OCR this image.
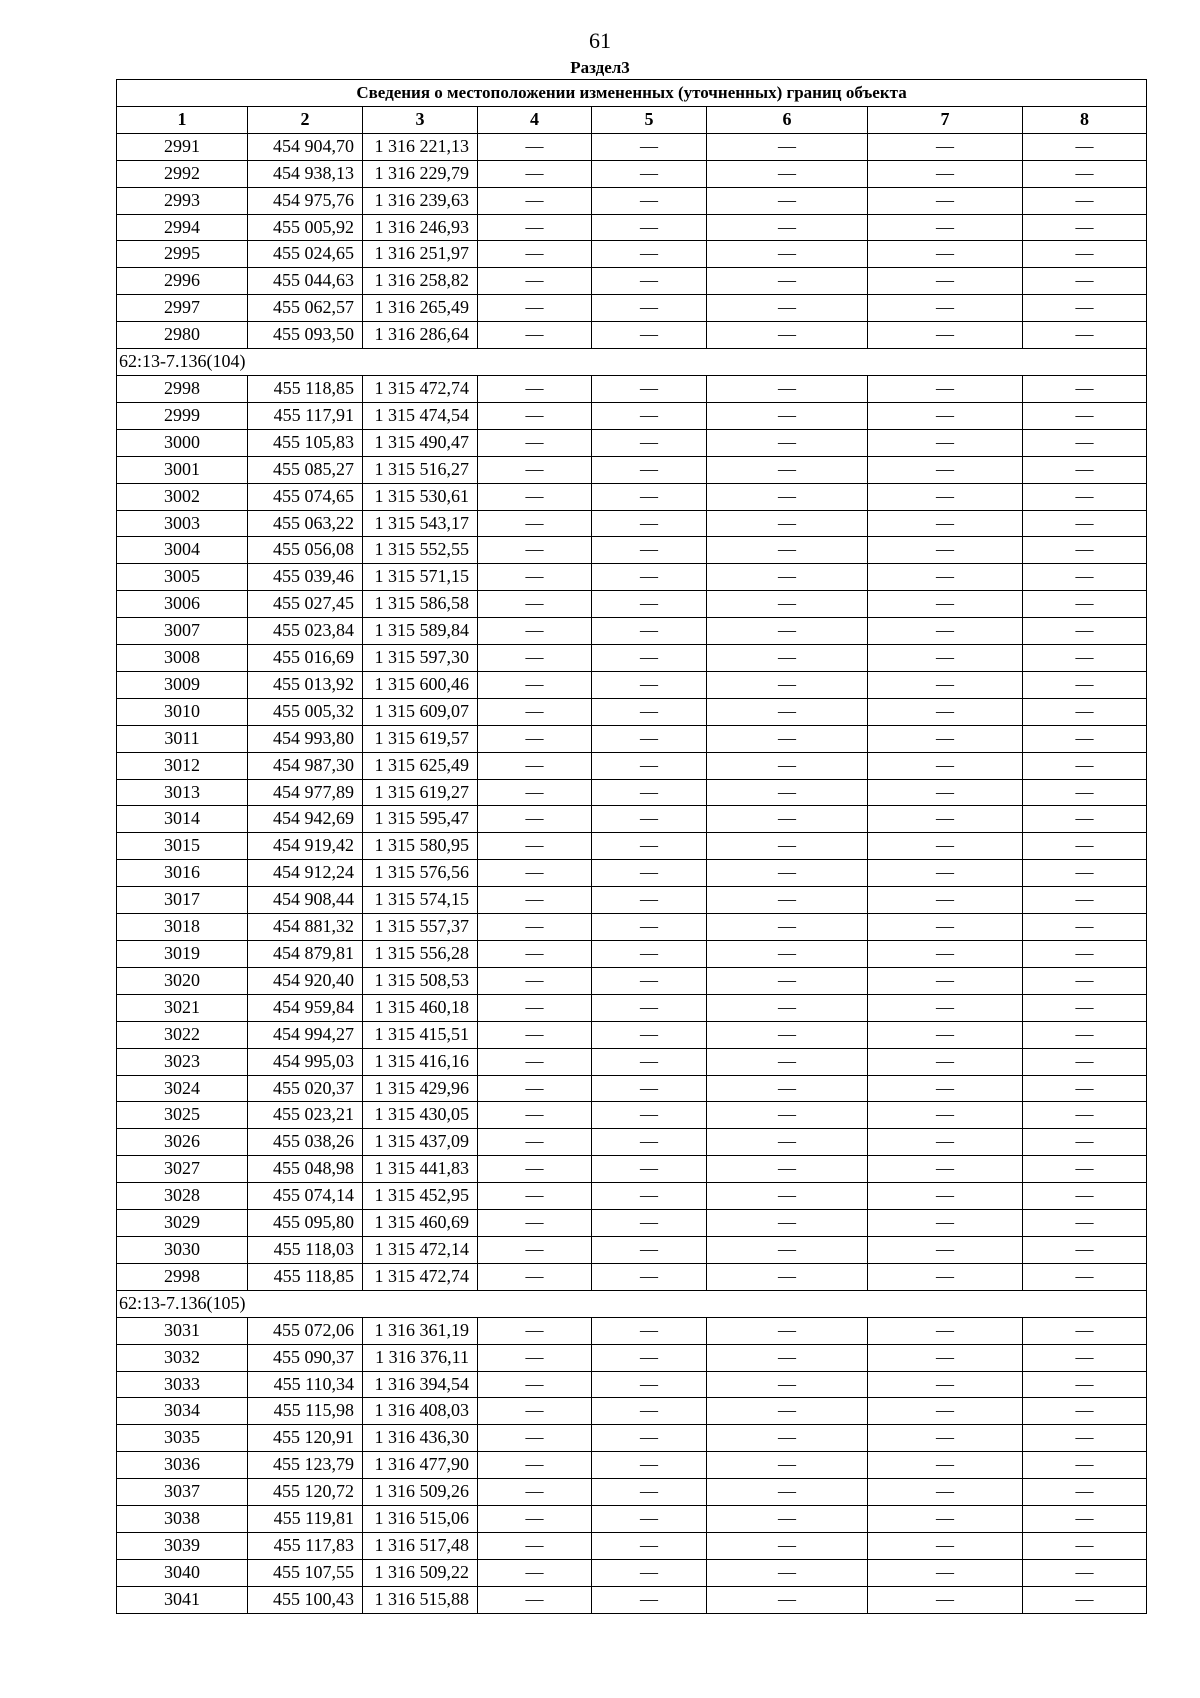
61
Раздел3
Сведения о местоположении измененных (уточненных) границ объекта							
1	2	3	4	5	6	7	8
2991	454 904,70	1 316 221,13	—	—	—	—	—
2992	454 938,13	1 316 229,79	—	—	—	—	—
2993	454 975,76	1 316 239,63	—	—	—	—	—
2994	455 005,92	1 316 246,93	—	—	—	—	—
2995	455 024,65	1 316 251,97	—	—	—	—	—
2996	455 044,63	1 316 258,82	—	—	—	—	—
2997	455 062,57	1 316 265,49	—	—	—	—	—
2980	455 093,50	1 316 286,64	—	—	—	—	—
62:13-7.136(104)							
2998	455 118,85	1 315 472,74	—	—	—	—	—
2999	455 117,91	1 315 474,54	—	—	—	—	—
3000	455 105,83	1 315 490,47	—	—	—	—	—
3001	455 085,27	1 315 516,27	—	—	—	—	—
3002	455 074,65	1 315 530,61	—	—	—	—	—
3003	455 063,22	1 315 543,17	—	—	—	—	—
3004	455 056,08	1 315 552,55	—	—	—	—	—
3005	455 039,46	1 315 571,15	—	—	—	—	—
3006	455 027,45	1 315 586,58	—	—	—	—	—
3007	455 023,84	1 315 589,84	—	—	—	—	—
3008	455 016,69	1 315 597,30	—	—	—	—	—
3009	455 013,92	1 315 600,46	—	—	—	—	—
3010	455 005,32	1 315 609,07	—	—	—	—	—
3011	454 993,80	1 315 619,57	—	—	—	—	—
3012	454 987,30	1 315 625,49	—	—	—	—	—
3013	454 977,89	1 315 619,27	—	—	—	—	—
3014	454 942,69	1 315 595,47	—	—	—	—	—
3015	454 919,42	1 315 580,95	—	—	—	—	—
3016	454 912,24	1 315 576,56	—	—	—	—	—
3017	454 908,44	1 315 574,15	—	—	—	—	—
3018	454 881,32	1 315 557,37	—	—	—	—	—
3019	454 879,81	1 315 556,28	—	—	—	—	—
3020	454 920,40	1 315 508,53	—	—	—	—	—
3021	454 959,84	1 315 460,18	—	—	—	—	—
3022	454 994,27	1 315 415,51	—	—	—	—	—
3023	454 995,03	1 315 416,16	—	—	—	—	—
3024	455 020,37	1 315 429,96	—	—	—	—	—
3025	455 023,21	1 315 430,05	—	—	—	—	—
3026	455 038,26	1 315 437,09	—	—	—	—	—
3027	455 048,98	1 315 441,83	—	—	—	—	—
3028	455 074,14	1 315 452,95	—	—	—	—	—
3029	455 095,80	1 315 460,69	—	—	—	—	—
3030	455 118,03	1 315 472,14	—	—	—	—	—
2998	455 118,85	1 315 472,74	—	—	—	—	—
62:13-7.136(105)							
3031	455 072,06	1 316 361,19	—	—	—	—	—
3032	455 090,37	1 316 376,11	—	—	—	—	—
3033	455 110,34	1 316 394,54	—	—	—	—	—
3034	455 115,98	1 316 408,03	—	—	—	—	—
3035	455 120,91	1 316 436,30	—	—	—	—	—
3036	455 123,79	1 316 477,90	—	—	—	—	—
3037	455 120,72	1 316 509,26	—	—	—	—	—
3038	455 119,81	1 316 515,06	—	—	—	—	—
3039	455 117,83	1 316 517,48	—	—	—	—	—
3040	455 107,55	1 316 509,22	—	—	—	—	—
3041	455 100,43	1 316 515,88	—	—	—	—	—
